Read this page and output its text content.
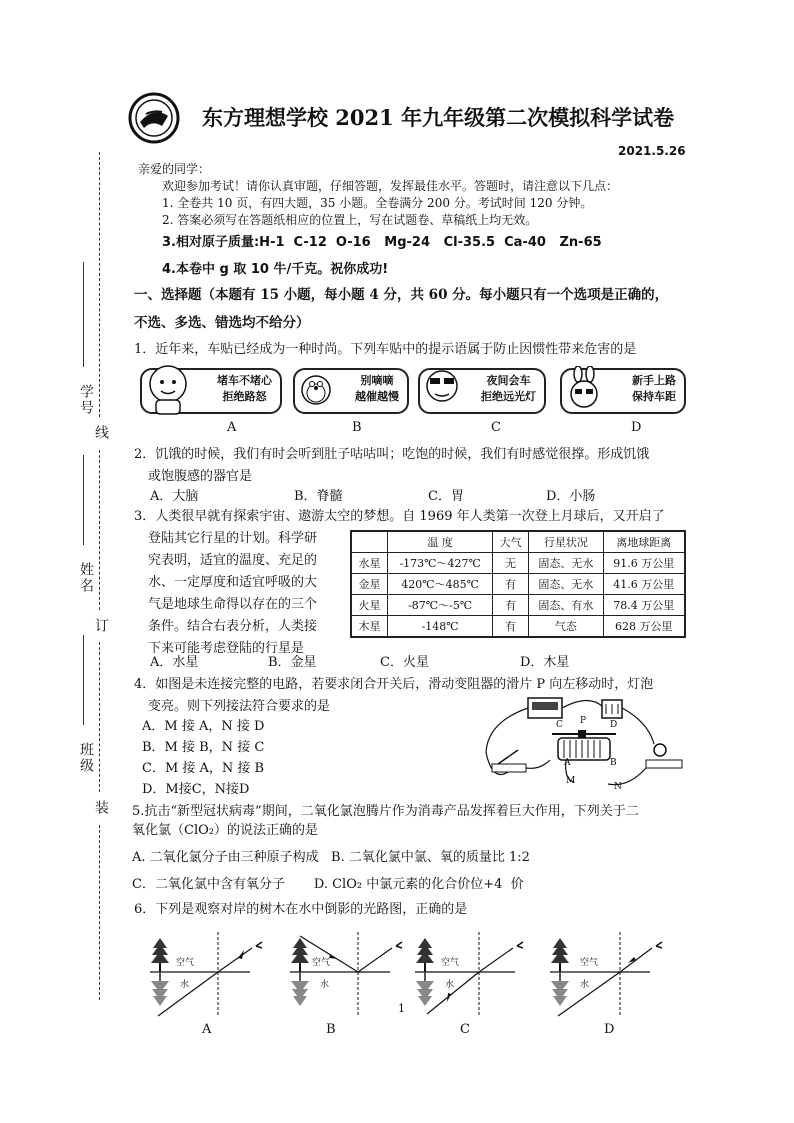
东方理想学校 2021 年九年级第二次模拟科学试卷
2021.5.26
线
订
装
学号
姓名
班级
亲爱的同学：
欢迎参加考试！请你认真审题，仔细答题，发挥最佳水平。答题时，请注意以下几点：
1. 全卷共 10 页，有四大题，35 小题。全卷满分 200 分。考试时间 120 分钟。
2. 答案必须写在答题纸相应的位置上，写在试题卷、草稿纸上均无效。
3.相对原子质量:H-1  C-12  O-16   Mg-24   Cl-35.5  Ca-40   Zn-65
4.本卷中 g 取 10 牛/千克。祝你成功!
一、选择题（本题有 15 小题，每小题 4 分，共 60 分。每小题只有一个选项是正确的，
不选、多选、错选均不给分）
1．近年来，车贴已经成为一种时尚。下列车贴中的提示语属于防止因惯性带来危害的是
堵车不堵心
拒绝路怒
别嘀嘀
越催越慢
夜间会车
拒绝远光灯
新手上路
保持车距
A	B	C	D
2．饥饿的时候，我们有时会听到肚子咕咕叫；吃饱的时候，我们有时感觉很撑。形成饥饿
或饱腹感的器官是
A．大脑	B．脊髓	C．胃	D．小肠
3．人类很早就有探索宇宙、遨游太空的梦想。自 1969 年人类第一次登上月球后，又开启了
登陆其它行星的计划。科学研
究表明，适宜的温度、充足的
水、一定厚度和适宜呼吸的大
气是地球生命得以存在的三个
条件。结合右表分析，人类接
下来可能考虑登陆的行星是
A．水星	B．金星	C．火星	D．木星
	温 度	大气	行星状况	离地球距离
水星	-173℃～427℃	无	固态、无水	91.6 万公里
金星	420℃～485℃	有	固态、无水	41.6 万公里
火星	-87℃～-5℃	有	固态、有水	78.4 万公里
木星	-148℃	有	气态	628 万公里
4．如图是未连接完整的电路，若要求闭合开关后，滑动变阻器的滑片 P 向左移动时，灯泡
变亮。则下列接法符合要求的是
A．M 接 A，N 接 D
B．M 接 B，N 接 C
C．M 接 A，N 接 B
D．M接C，N接D
C P	D
A	B
M
N
5.抗击“新型冠状病毒”期间，二氧化氯泡腾片作为消毒产品发挥着巨大作用，下列关于二
氧化氯（ClO₂）的说法正确的是
A. 二氧化氯分子由三种原子构成   B. 二氧化氯中氯、氧的质量比 1:2
C．二氧化氯中含有氧分子       D. ClO₂ 中氯元素的化合价位+4  价
6．下列是观察对岸的树木在水中倒影的光路图，正确的是
空气
水
空气
水
空气
水
空气
水
A	B	C	D
1
